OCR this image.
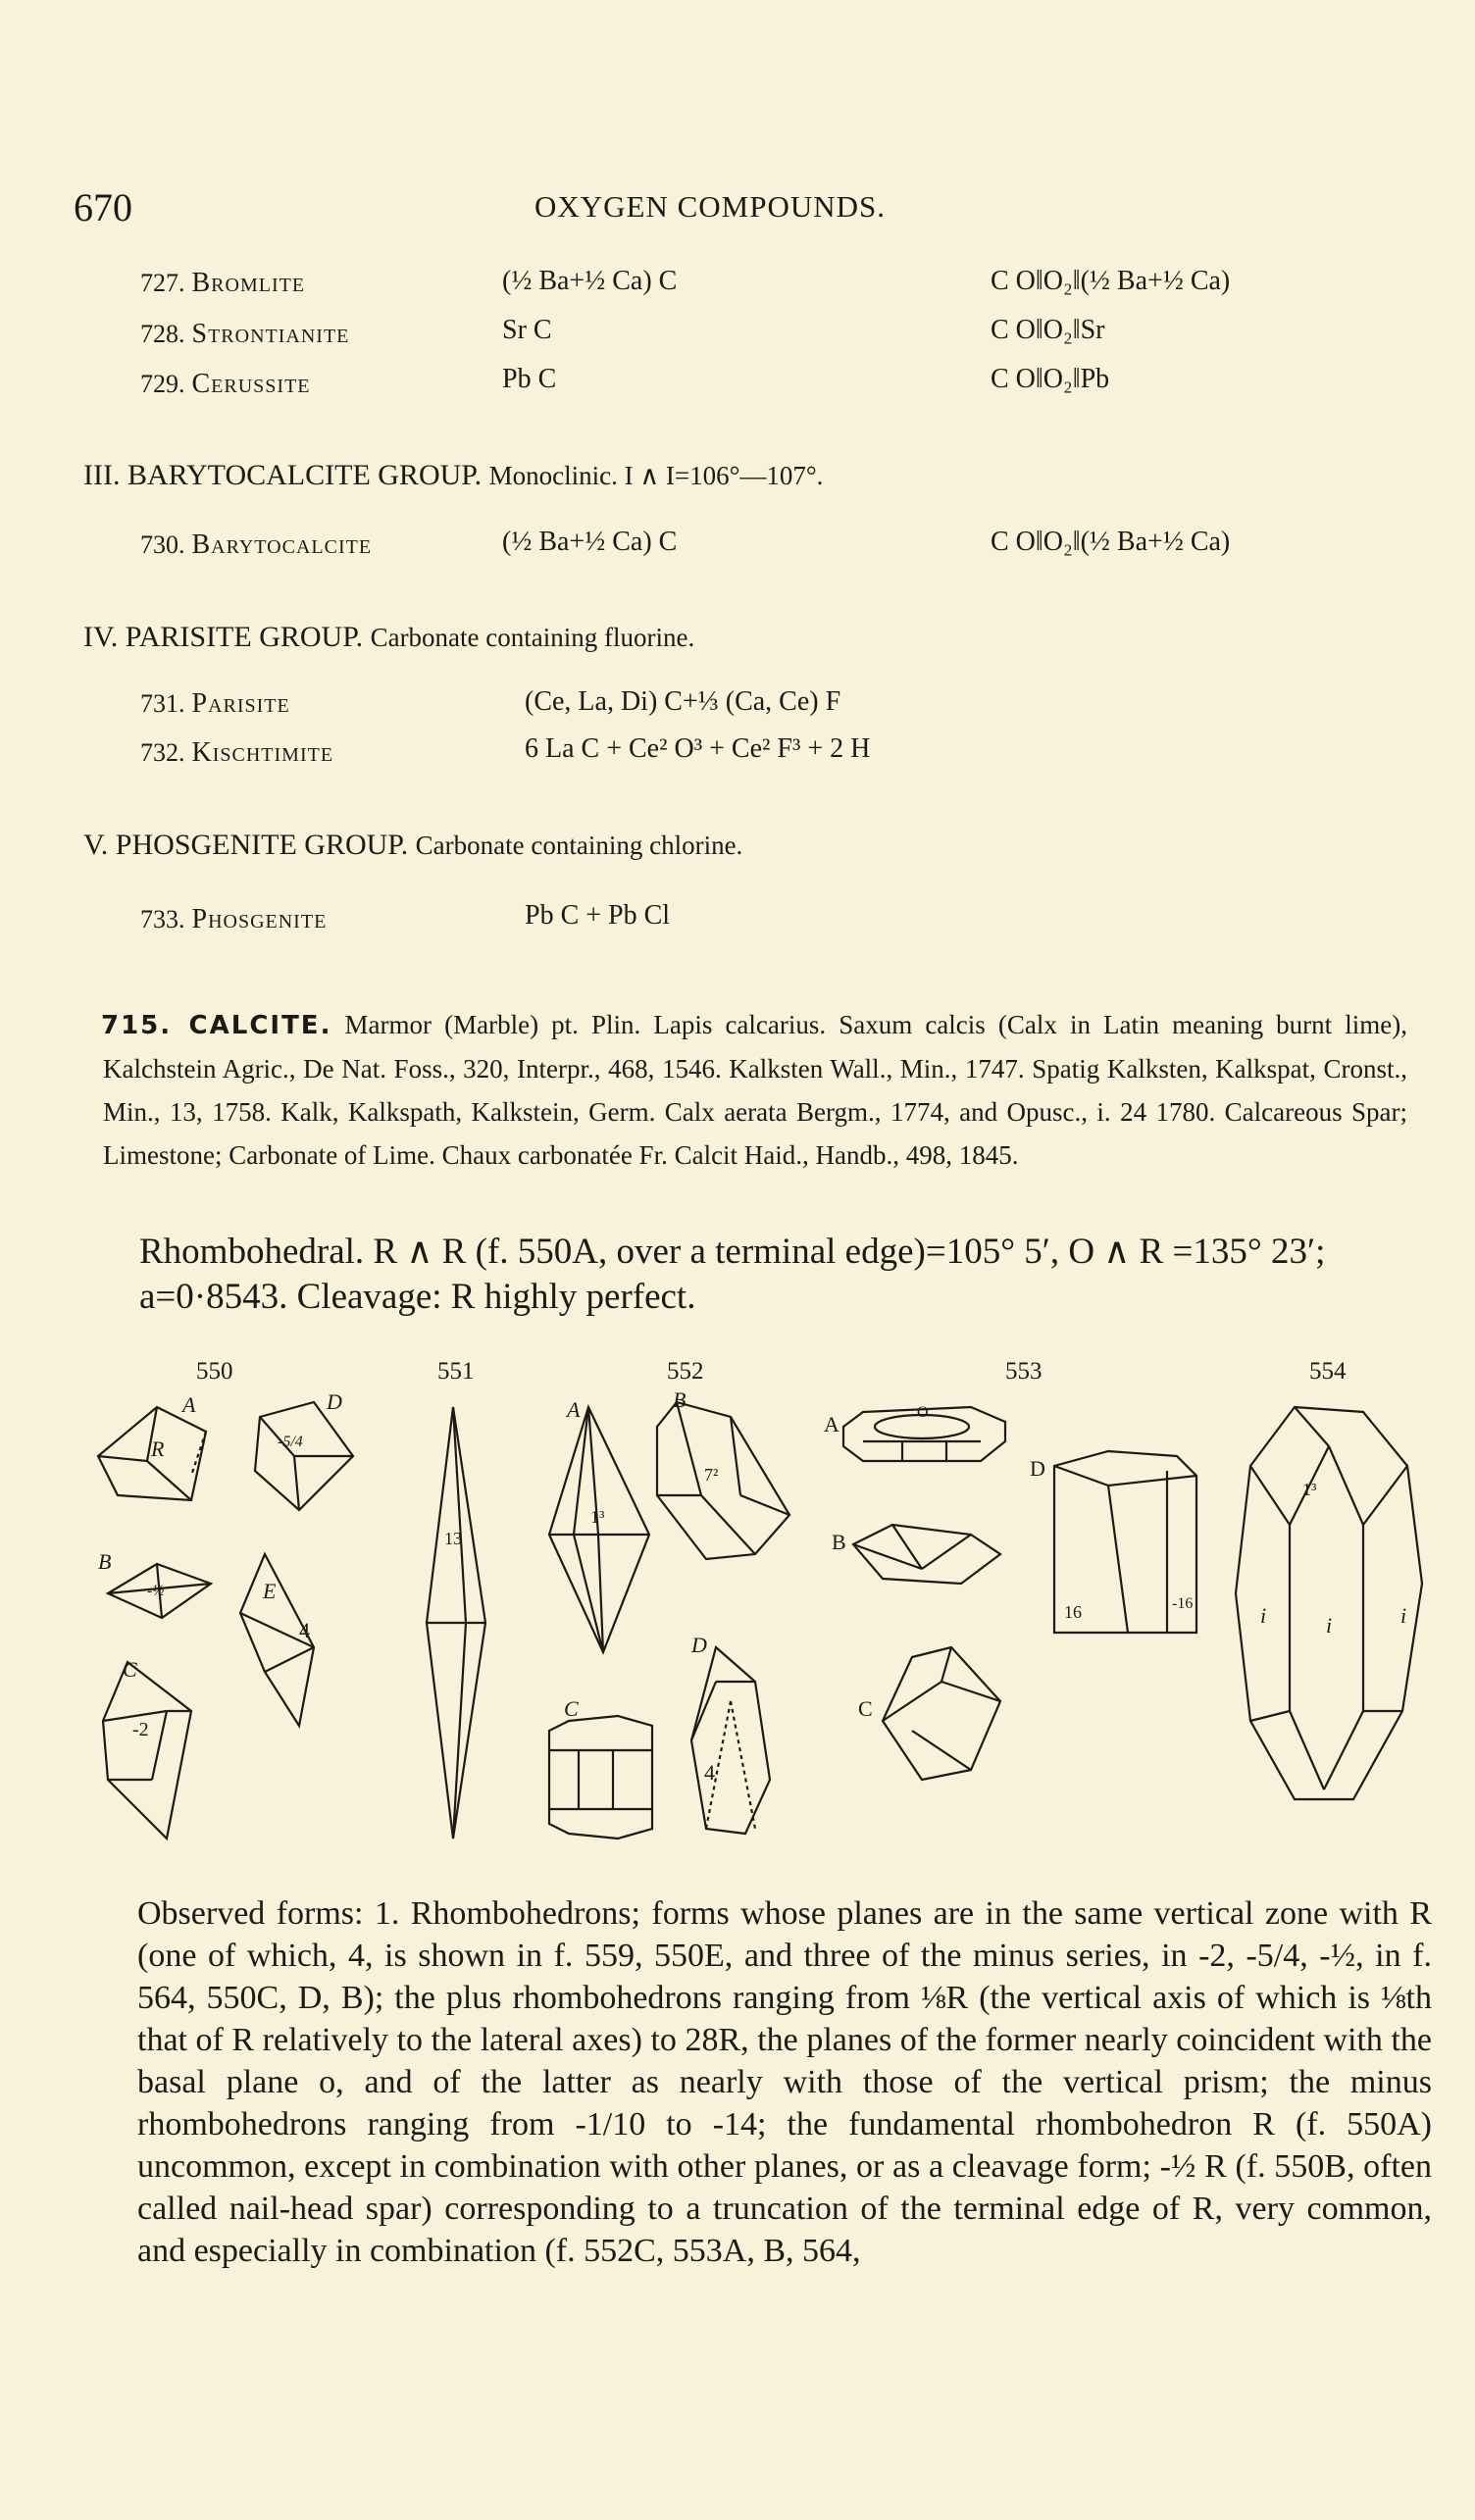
670	OXYGEN COMPOUNDS.
727. Bromlite	(½ Ba+½ Ca) C	C O‖O₂‖(½ Ba+½ Ca)
728. Strontianite	Sr C	C O‖O₂‖Sr
729. Cerussite	Pb C	C O‖O₂‖Pb
III. BARYTOCALCITE GROUP. Monoclinic. I ∧ I=106°—107°.
730. Barytocalcite	(½ Ba+½ Ca) C	C O‖O₂‖(½ Ba+½ Ca)
IV. PARISITE GROUP. Carbonate containing fluorine.
731. Parisite	(Ce, La, Di) C+⅓ (Ca, Ce) F
732. Kischtimite	6 La C + Ce² O³ + Ce² F³ + 2 H
V. PHOSGENITE GROUP. Carbonate containing chlorine.
733. Phosgenite	Pb C + Pb Cl
715. CALCITE. Marmor (Marble) pt. Plin. Lapis calcarius. Saxum calcis (Calx in Latin meaning burnt lime), Kalchstein Agric., De Nat. Foss., 320, Interpr., 468, 1546. Kalksten Wall., Min., 1747. Spatig Kalksten, Kalkspat, Cronst., Min., 13, 1758. Kalk, Kalkspath, Kalkstein, Germ. Calx aerata Bergm., 1774, and Opusc., i. 24 1780. Calcareous Spar; Limestone; Carbonate of Lime. Chaux carbonatée Fr. Calcit Haid., Handb., 498, 1845.
Rhombohedral. R ∧ R (f. 550A, over a terminal edge)=105° 5′, O ∧ R =135° 23′; a=0·8543. Cleavage: R highly perfect.
550	551	552	553	554
A
R
D
-5/4
B
-½	E
4
C
-2
13
A
1³
B
7²
C
D
4
A	O
B
C
D
16	-16	i	i	i
1³
Observed forms: 1. Rhombohedrons; forms whose planes are in the same vertical zone with R (one of which, 4, is shown in f. 559, 550E, and three of the minus series, in -2, -5/4, -½, in f. 564, 550C, D, B); the plus rhombohedrons ranging from ⅛R (the vertical axis of which is ⅛th that of R relatively to the lateral axes) to 28R, the planes of the former nearly coincident with the basal plane o, and of the latter as nearly with those of the vertical prism; the minus rhombohedrons ranging from -1/10 to -14; the fundamental rhombohedron R (f. 550A) uncommon, except in combination with other planes, or as a cleavage form; -½ R (f. 550B, often called nail-head spar) corresponding to a truncation of the terminal edge of R, very common, and especially in combination (f. 552C, 553A, B, 564,
